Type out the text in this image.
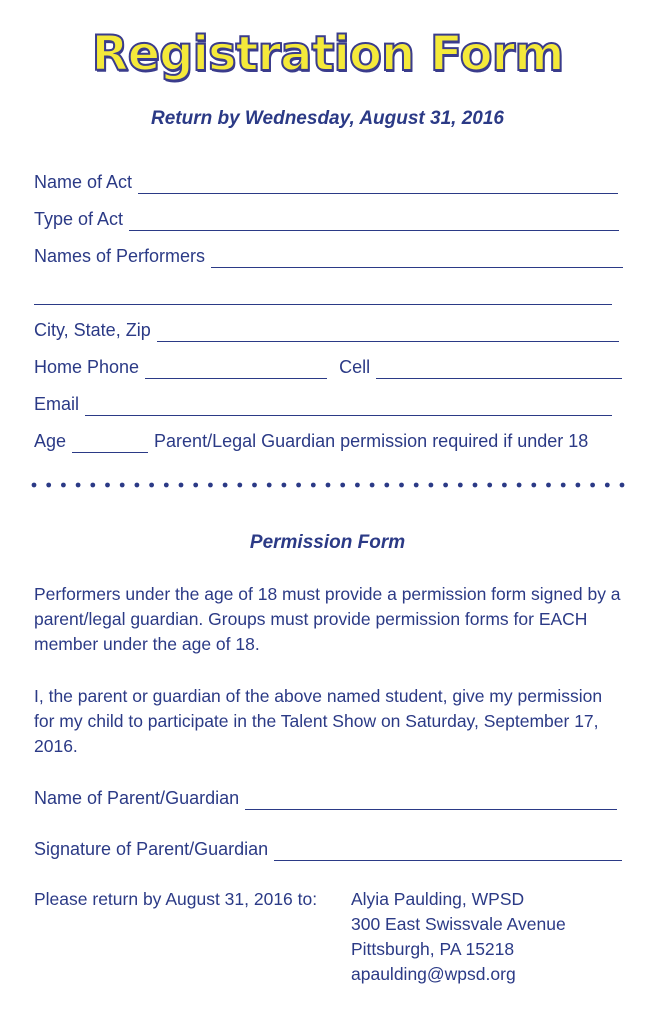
Registration Form
Return by Wednesday, August 31, 2016
Name of Act
Type of Act
Names of Performers
City, State, Zip
Home Phone	Cell
Email
Age	Parent/Legal Guardian permission required if under 18
Permission Form
Performers under the age of 18 must provide a permission form signed by a parent/legal guardian. Groups must provide permission forms for EACH member under the age of 18.
I, the parent or guardian of the above named student, give my permission for my child to participate in the Talent Show on Saturday, September 17, 2016.
Name of Parent/Guardian
Signature of Parent/Guardian
Please return by August 31, 2016 to:	Alyia Paulding, WPSD
300 East Swissvale Avenue
Pittsburgh, PA 15218
apaulding@wpsd.org
